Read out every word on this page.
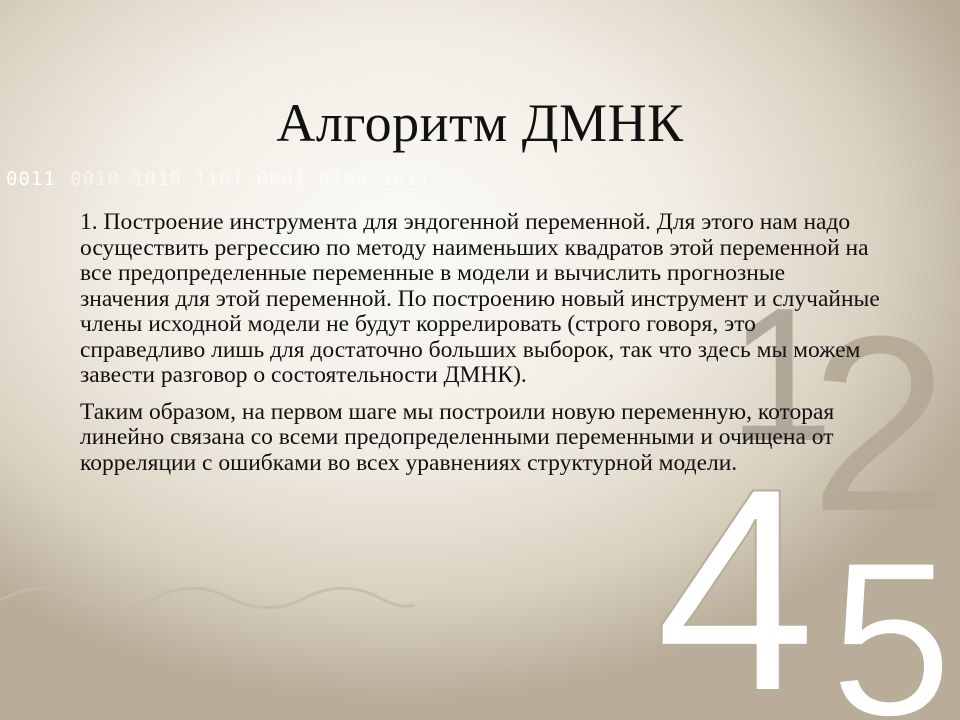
1
2
4 5
0011 0010 1010 1101 0001 0100 1011
Алгоритм ДМНК

1. Построение инструмента для эндогенной переменной. Для этого нам надо осуществить регрессию по методу наименьших квадратов этой переменной на все предопределенные переменные в модели и вычислить прогнозные значения для этой переменной. По построению новый инструмент и случайные члены исходной модели не будут коррелировать (строго говоря, это справедливо лишь для достаточно больших выборок, так что здесь мы можем завести разговор о состоятельности ДМНК).

Таким образом, на первом шаге мы построили новую переменную, которая линейно связана со всеми предопределенными переменными и очищена от корреляции с ошибками во всех уравнениях структурной модели.
